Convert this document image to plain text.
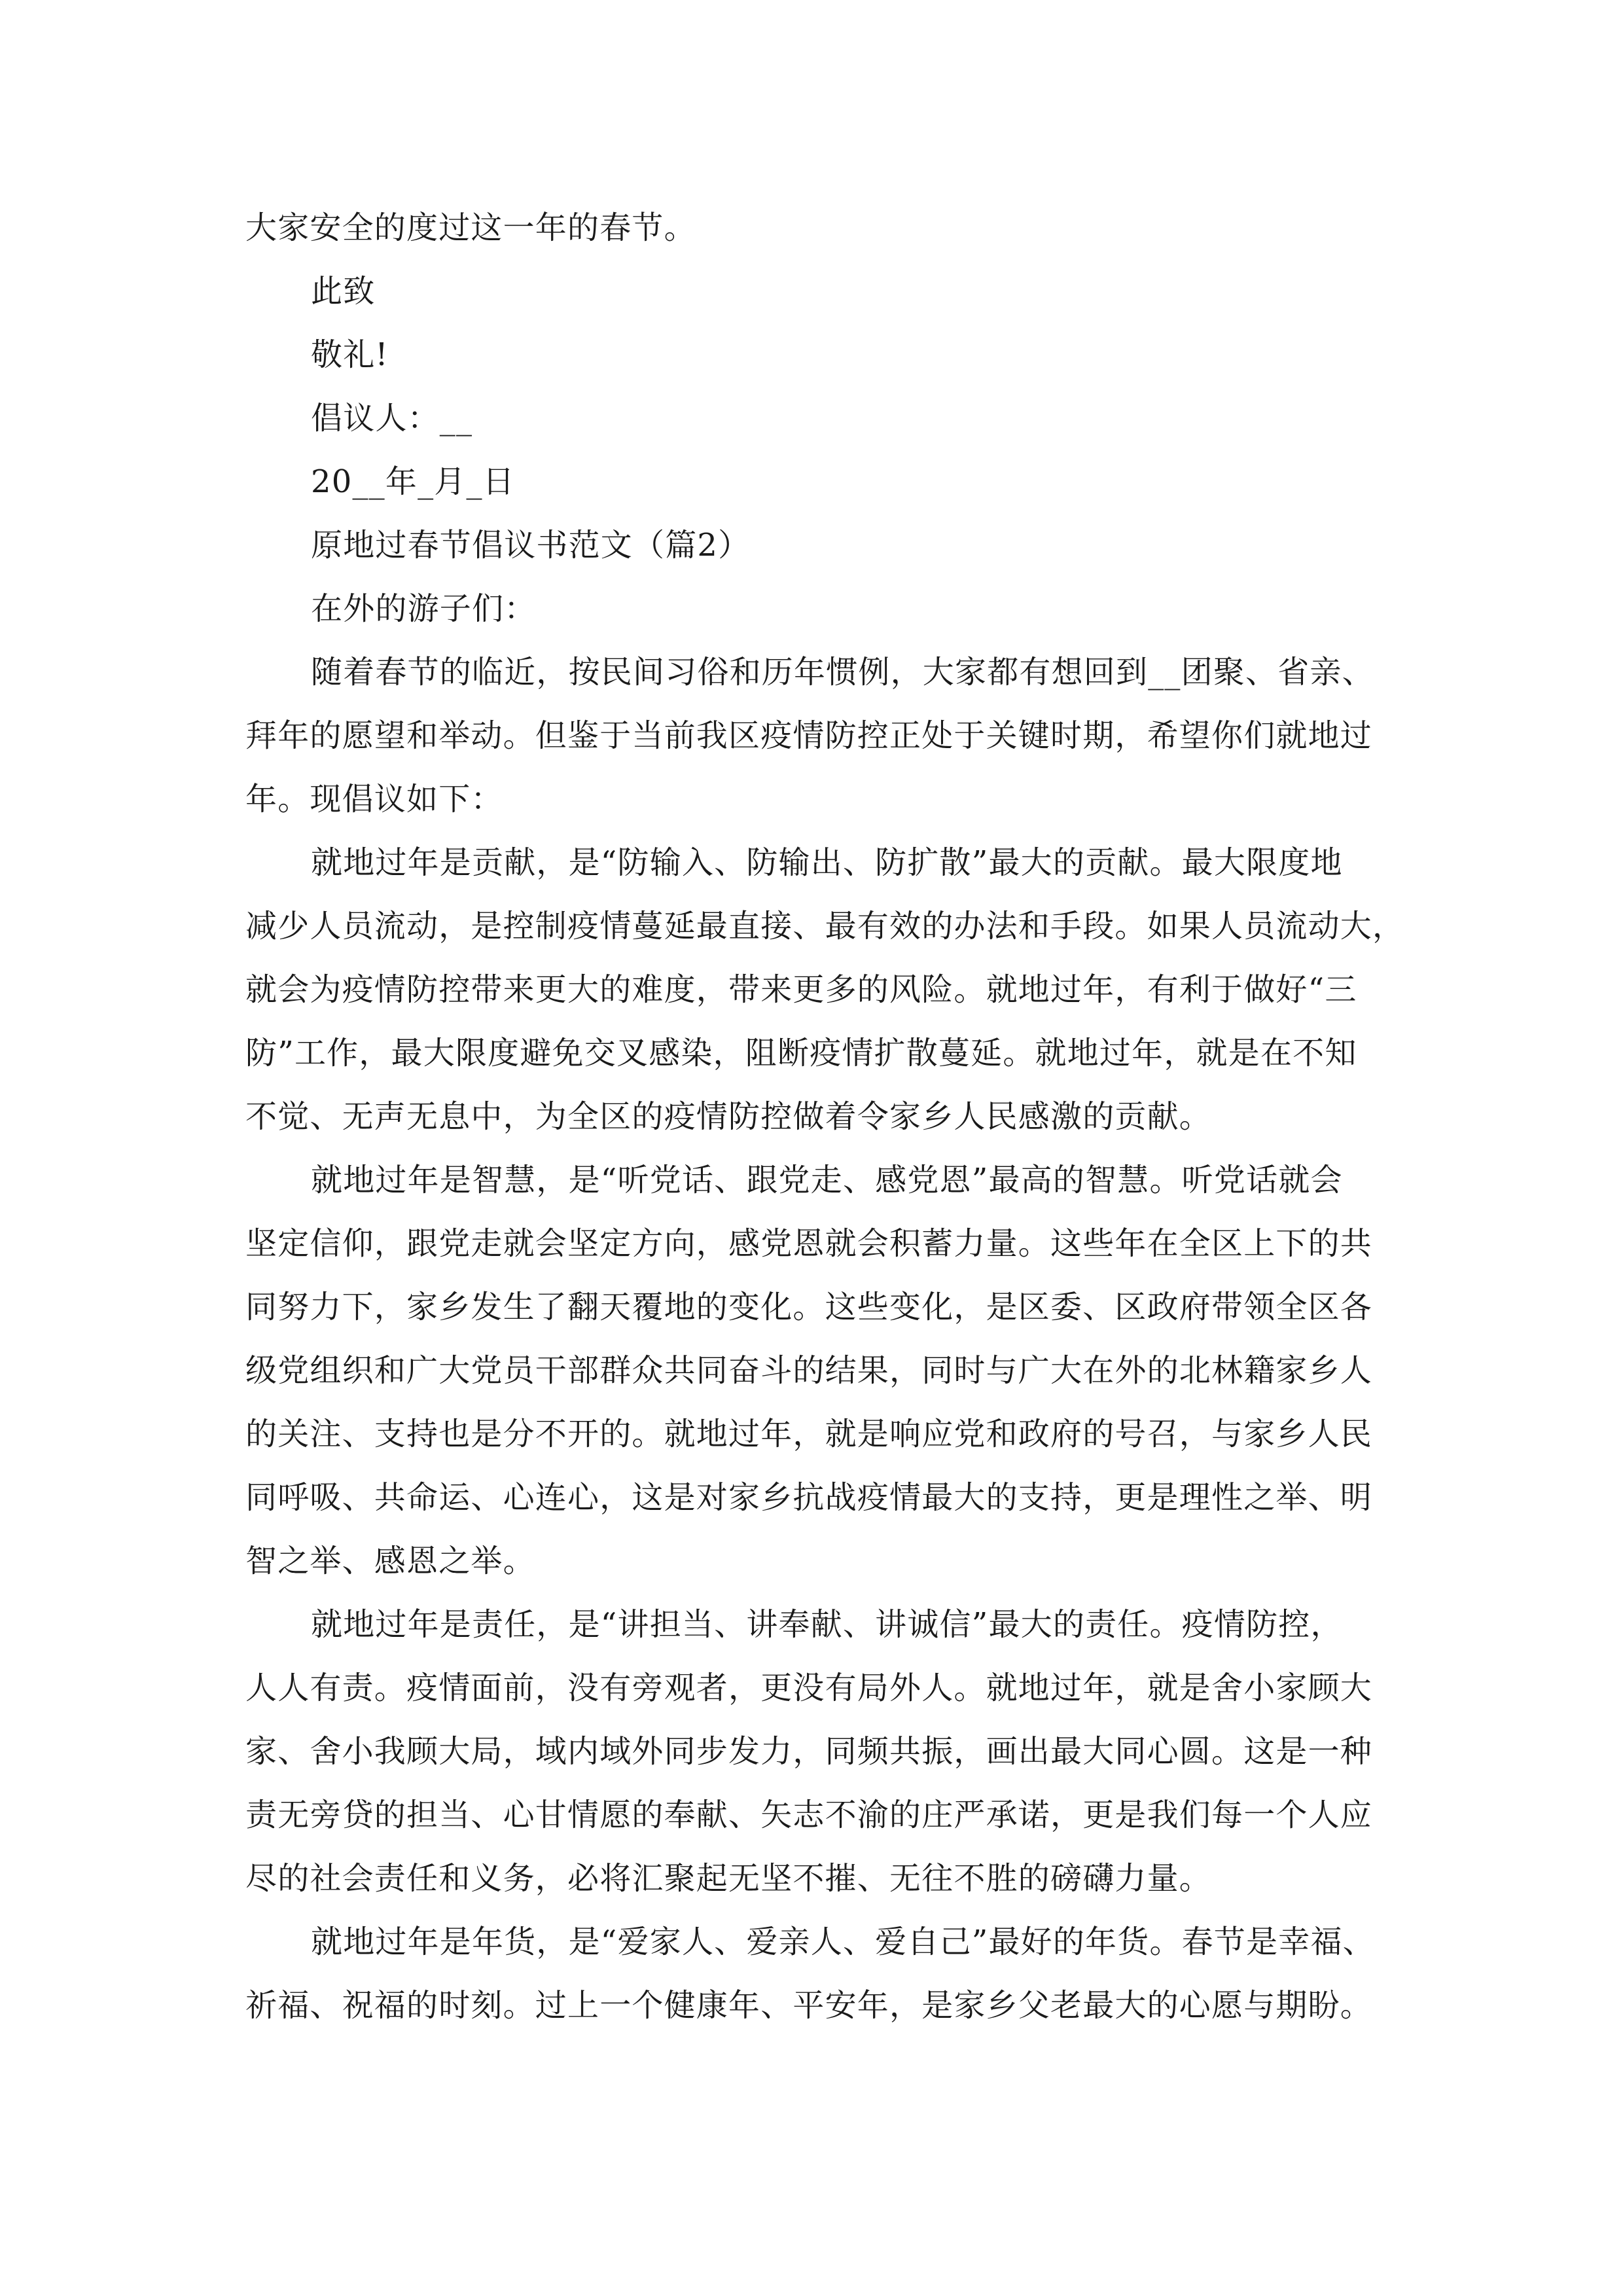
大家安全的度过这一年的春节。

此致

敬礼!

倡议人：__

20__年_月_日

原地过春节倡议书范文（篇2）

在外的游子们：

随着春节的临近，按民间习俗和历年惯例，大家都有想回到__团聚、省亲、

拜年的愿望和举动。但鉴于当前我区疫情防控正处于关键时期，希望你们就地过

年。现倡议如下：

就地过年是贡献，是“防输入、防输出、防扩散”最大的贡献。最大限度地

减少人员流动，是控制疫情蔓延最直接、最有效的办法和手段。如果人员流动大，

就会为疫情防控带来更大的难度，带来更多的风险。就地过年，有利于做好“三

防”工作，最大限度避免交叉感染，阻断疫情扩散蔓延。就地过年，就是在不知

不觉、无声无息中，为全区的疫情防控做着令家乡人民感激的贡献。

就地过年是智慧，是“听党话、跟党走、感党恩”最高的智慧。听党话就会

坚定信仰，跟党走就会坚定方向，感党恩就会积蓄力量。这些年在全区上下的共

同努力下，家乡发生了翻天覆地的变化。这些变化，是区委、区政府带领全区各

级党组织和广大党员干部群众共同奋斗的结果，同时与广大在外的北林籍家乡人

的关注、支持也是分不开的。就地过年，就是响应党和政府的号召，与家乡人民

同呼吸、共命运、心连心，这是对家乡抗战疫情最大的支持，更是理性之举、明

智之举、感恩之举。

就地过年是责任，是“讲担当、讲奉献、讲诚信”最大的责任。疫情防控，

人人有责。疫情面前，没有旁观者，更没有局外人。就地过年，就是舍小家顾大

家、舍小我顾大局，域内域外同步发力，同频共振，画出最大同心圆。这是一种

责无旁贷的担当、心甘情愿的奉献、矢志不渝的庄严承诺，更是我们每一个人应

尽的社会责任和义务，必将汇聚起无坚不摧、无往不胜的磅礴力量。

就地过年是年货，是“爱家人、爱亲人、爱自己”最好的年货。春节是幸福、

祈福、祝福的时刻。过上一个健康年、平安年，是家乡父老最大的心愿与期盼。
